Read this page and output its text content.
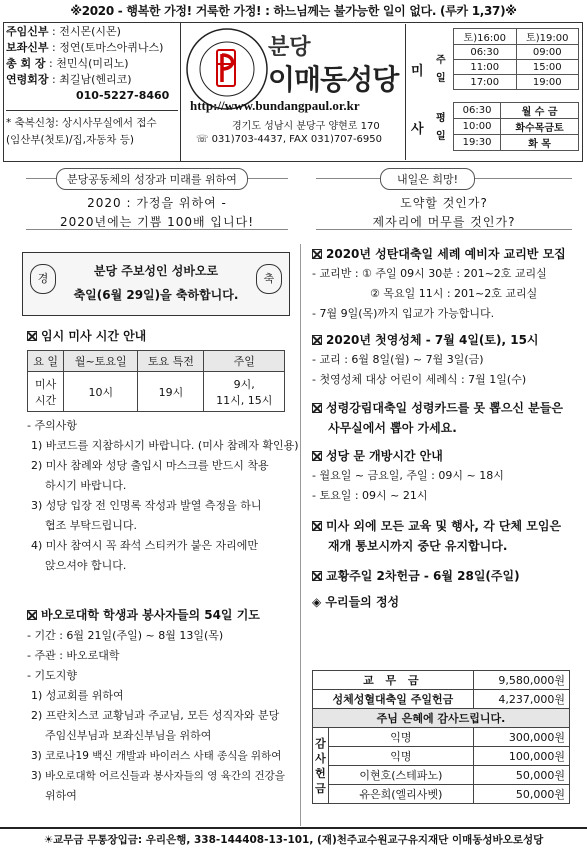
※2020 - 행복한 가정! 거룩한 가정! : 하느님께는 불가능한 일이 없다. (루카 1,37)※
주임신부 : 전시몬(시몬)
보좌신부 : 정연(토마스아퀴나스)
총 회 장 : 천민식(미리노)
연령회장 : 최길남(헨리코)
010-5227-8460
* 축복신청: 상시사무실에서 접수
(임산부(첫토)/집,자동차 등)
분당
이매동성당
http://www.bundangpaul.or.kr
경기도 성남시 분당구 양현로 170
☏ 031)703-4437, FAX 031)707-6950
미
사
주일
평일
토)16:00	토)19:00
06:30	09:00
11:00	15:00
17:00	19:00
06:30	월 수 금
10:00	화수목금토
19:30	화 목
분당공동체의 성장과 미래를 위하여
2020 : 가정을 위하여 -
2020년에는 기쁨 100배 입니다!
내일은 희망!
도약할 것인가?
제자리에 머무를 것인가?
경	축
분당 주보성인 성바오로
축일(6월 29일)을 축하합니다.
임시 미사 시간 안내
요 일	월~토요일	토요 특전	주일
미사
시간	10시	19시	9시,
11시, 15시
- 주의사항
1) 바코드를 지참하시기 바랍니다. (미사 참례자 확인용)
2) 미사 참례와 성당 출입시 마스크를 반드시 착용
하시기 바랍니다.
3) 성당 입장 전 인명록 작성과 발열 측정을 하니
협조 부탁드립니다.
4) 미사 참여시 꼭 좌석 스티커가 붙은 자리에만
앉으셔야 합니다.
바오로대학 학생과 봉사자들의 54일 기도
- 기간 : 6월 21일(주일) ~ 8월 13일(목)
- 주관 : 바오로대학
- 기도지향
1) 성교회를 위하여
2) 프란치스코 교황님과 주교님, 모든 성직자와 분당
주임신부님과 보좌신부님을 위하여
3) 코로나19 백신 개발과 바이러스 사태 종식을 위하여
3) 바오로대학 어르신들과 봉사자들의 영 육간의 건강을
위하여
2020년 성탄대축일 세례 예비자 교리반 모집
- 교리반 : ① 주일 09시 30분 : 201~2호 교리실
② 목요일 11시 : 201~2호 교리실
- 7월 9일(목)까지 입교가 가능합니다.
2020년 첫영성체 - 7월 4일(토), 15시
- 교리 : 6월 8일(월) ~ 7월 3일(금)
- 첫영성체 대상 어린이 세례식 : 7월 1일(수)
성령강림대축일 성령카드를 못 뽑으신 분들은
사무실에서 뽑아 가세요.
성당 문 개방시간 안내
- 월요일 ~ 금요일, 주일 : 09시 ~ 18시
- 토요일 : 09시 ~ 21시
미사 외에 모든 교육 및 행사, 각 단체 모임은
재개 통보시까지 중단 유지합니다.
교황주일 2차헌금 - 6월 28일(주일)
◈ 우리들의 정성
교 무 금		9,580,000원
성체성혈대축일 주일헌금		4,237,000원
주님 은혜에 감사드립니다.		
감
사
헌
금	익명	300,000원
	익명	100,000원
	이현호(스테파노)	50,000원
	유은희(엘리사벳)	50,000원
☀교무금 무통장입금: 우리은행, 338-144408-13-101, (재)천주교수원교구유지재단 이매동성바오로성당
